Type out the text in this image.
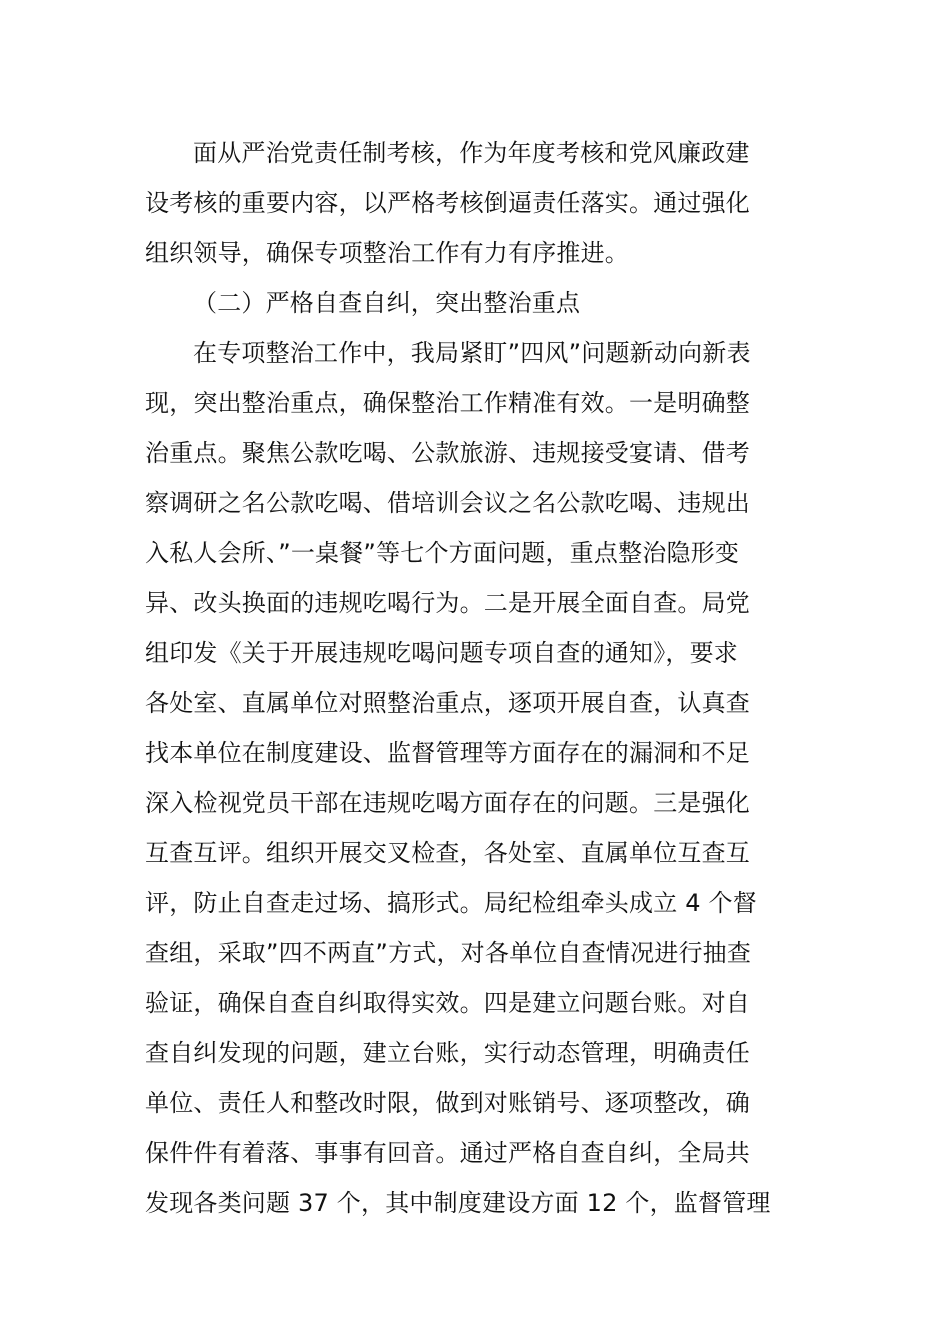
面从严治党责任制考核，作为年度考核和党风廉政建
设考核的重要内容，以严格考核倒逼责任落实。通过强化
组织领导，确保专项整治工作有力有序推进。
（二）严格自查自纠，突出整治重点
在专项整治工作中，我局紧盯”四风”问题新动向新表
现，突出整治重点，确保整治工作精准有效。一是明确整
治重点。聚焦公款吃喝、公款旅游、违规接受宴请、借考
察调研之名公款吃喝、借培训会议之名公款吃喝、违规出
入私人会所、”一桌餐”等七个方面问题，重点整治隐形变
异、改头换面的违规吃喝行为。二是开展全面自查。局党
组印发《关于开展违规吃喝问题专项自查的通知》，要求
各处室、直属单位对照整治重点，逐项开展自查，认真查
找本单位在制度建设、监督管理等方面存在的漏洞和不足
深入检视党员干部在违规吃喝方面存在的问题。三是强化
互查互评。组织开展交叉检查，各处室、直属单位互查互
评，防止自查走过场、搞形式。局纪检组牵头成立 4 个督
查组，采取”四不两直”方式，对各单位自查情况进行抽查
验证，确保自查自纠取得实效。四是建立问题台账。对自
查自纠发现的问题，建立台账，实行动态管理，明确责任
单位、责任人和整改时限，做到对账销号、逐项整改，确
保件件有着落、事事有回音。通过严格自查自纠，全局共
发现各类问题 37 个，其中制度建设方面 12 个，监督管理
